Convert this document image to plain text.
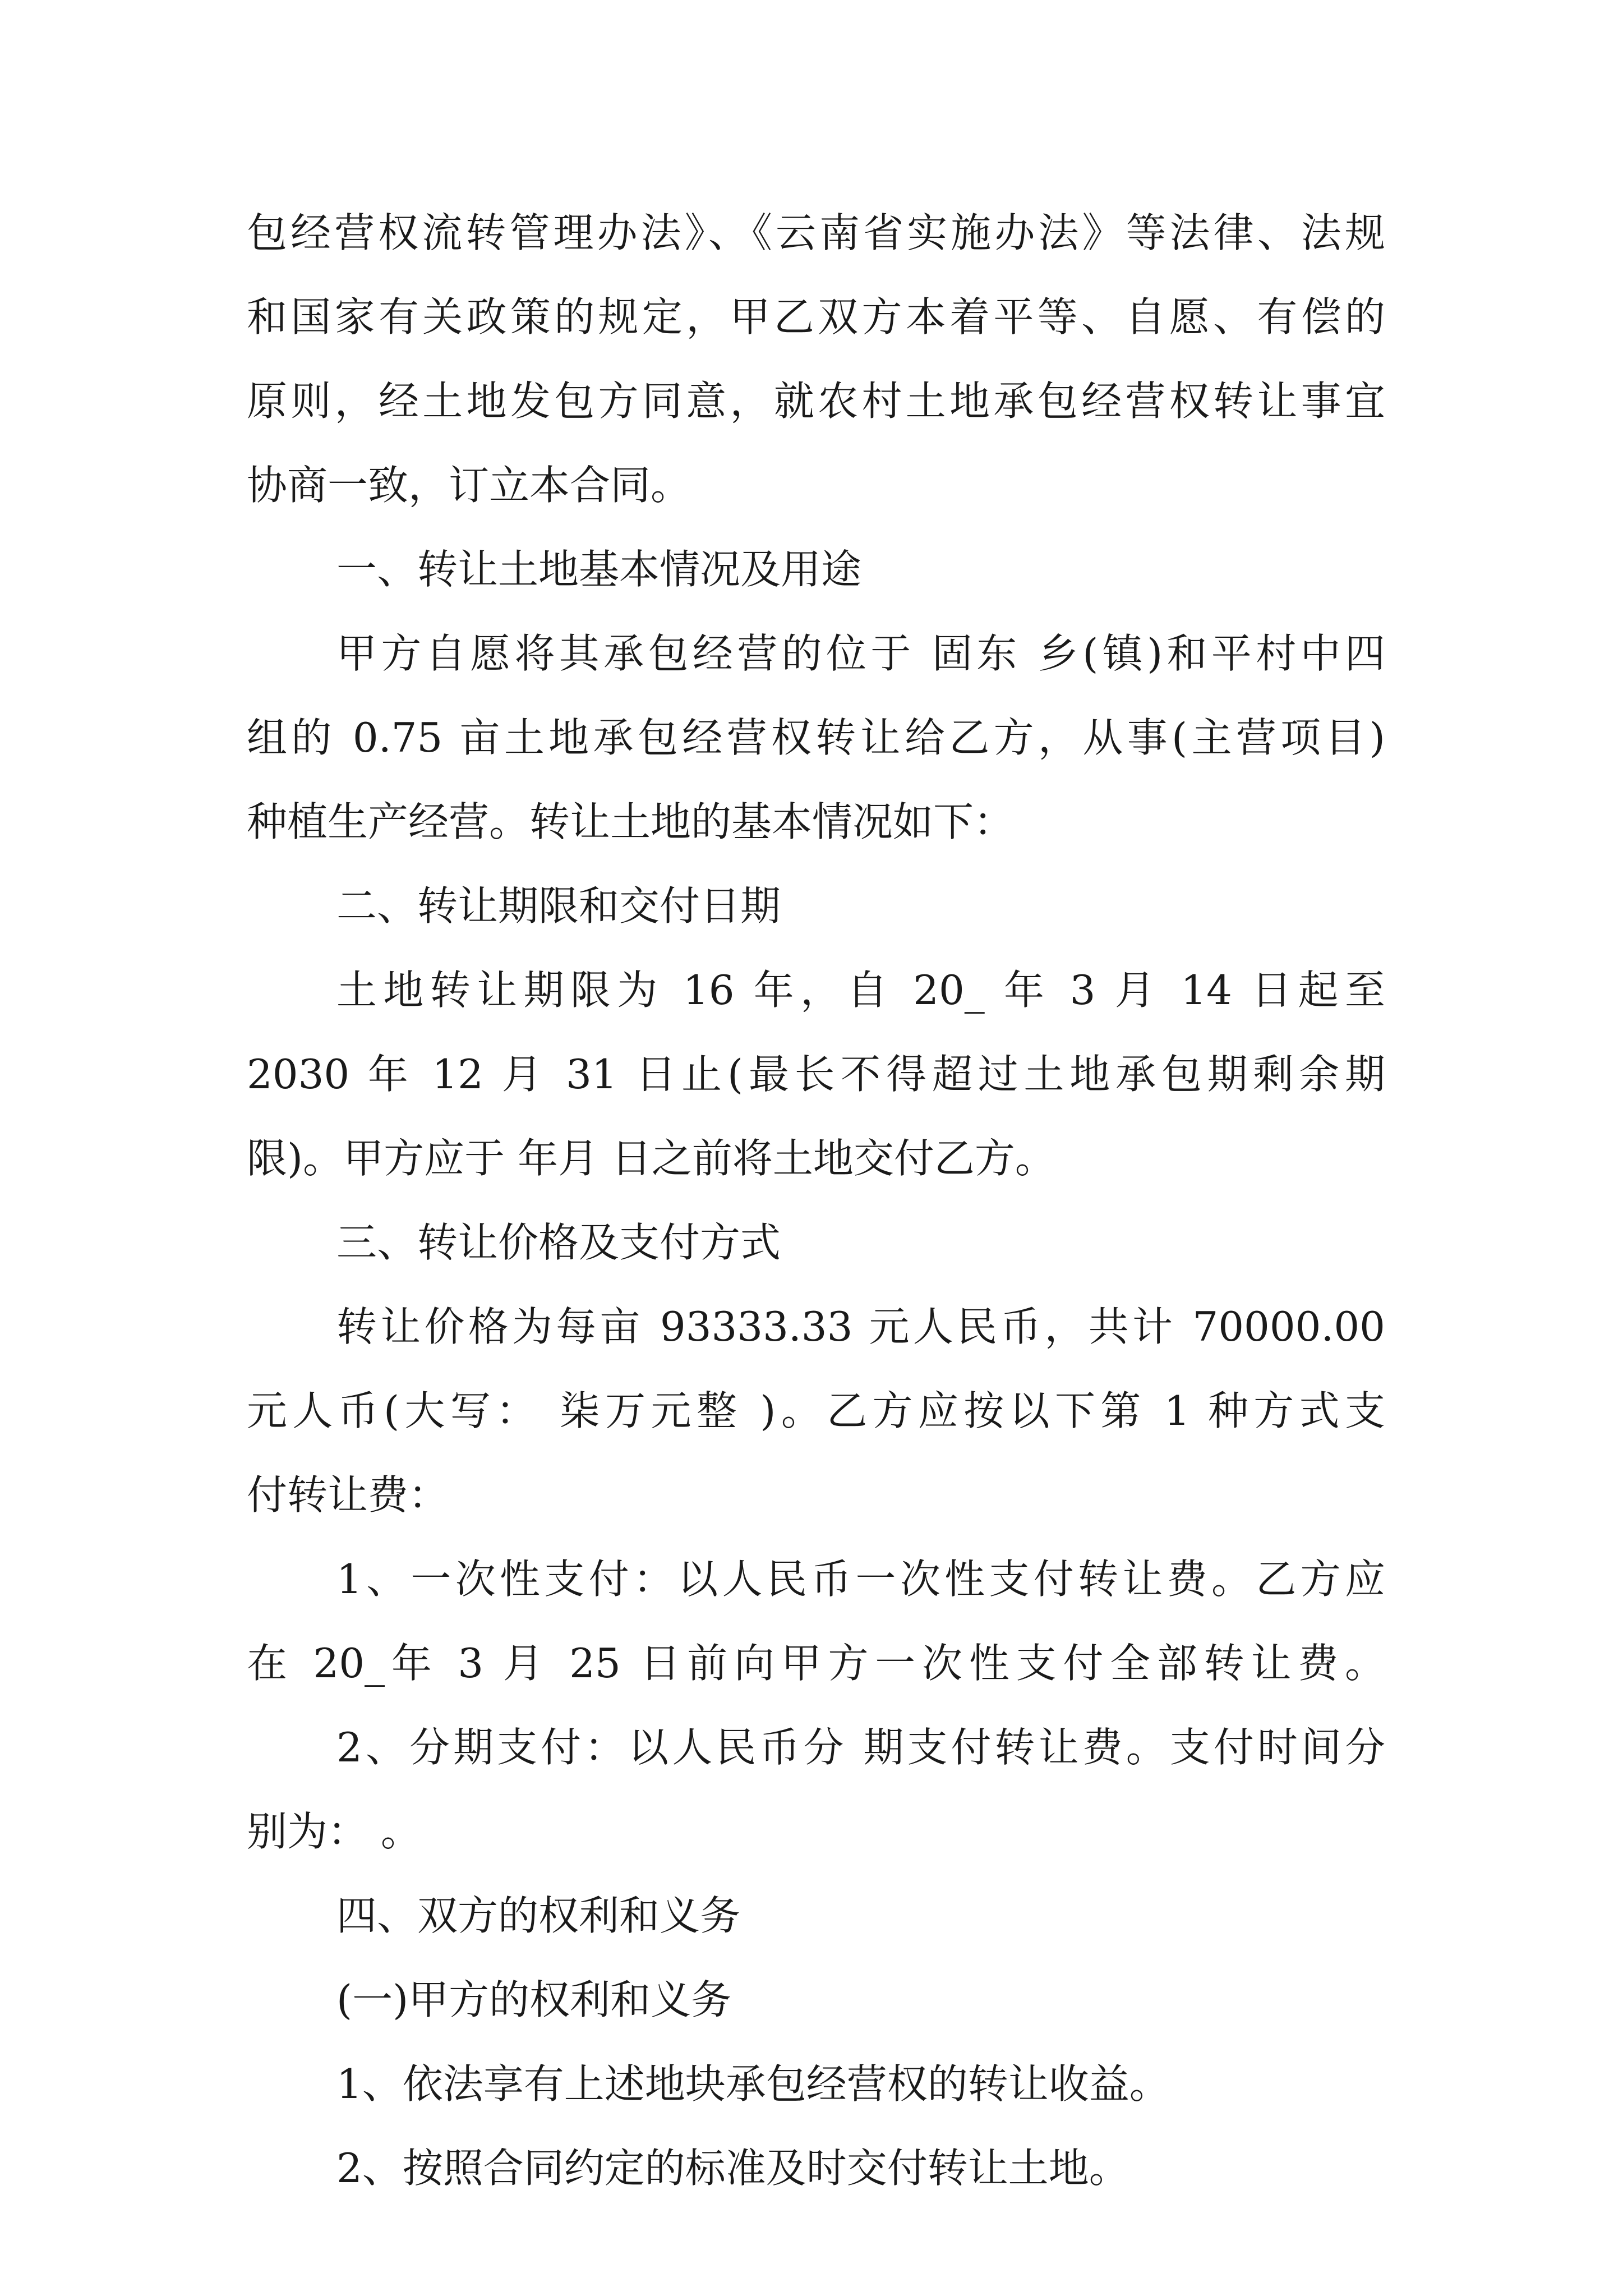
包经营权流转管理办法》、《云南省实施办法》等法律、法规
和国家有关政策的规定，甲乙双方本着平等、自愿、有偿的
原则，经土地发包方同意，就农村土地承包经营权转让事宜
协商一致，订立本合同。
一、转让土地基本情况及用途
甲方自愿将其承包经营的位于 固东 乡(镇)和平村中四
组的 0.75 亩土地承包经营权转让给乙方，从事(主营项目)
种植生产经营。转让土地的基本情况如下：
二、转让期限和交付日期
土地转让期限为 16 年，自 20_ 年 3 月 14 日起至
2030 年 12 月 31 日止(最长不得超过土地承包期剩余期
限)。甲方应于 年月 日之前将土地交付乙方。
三、转让价格及支付方式
转让价格为每亩 93333.33 元人民币，共计 70000.00
元人币(大写： 柒万元整 )。乙方应按以下第 1 种方式支
付转让费：
1、一次性支付：以人民币一次性支付转让费。乙方应
在 20_年 3 月 25 日前向甲方一次性支付全部转让费。
2、分期支付：以人民币分 期支付转让费。支付时间分
别为： 。
四、双方的权利和义务
(一)甲方的权利和义务
1、依法享有上述地块承包经营权的转让收益。
2、按照合同约定的标准及时交付转让土地。
